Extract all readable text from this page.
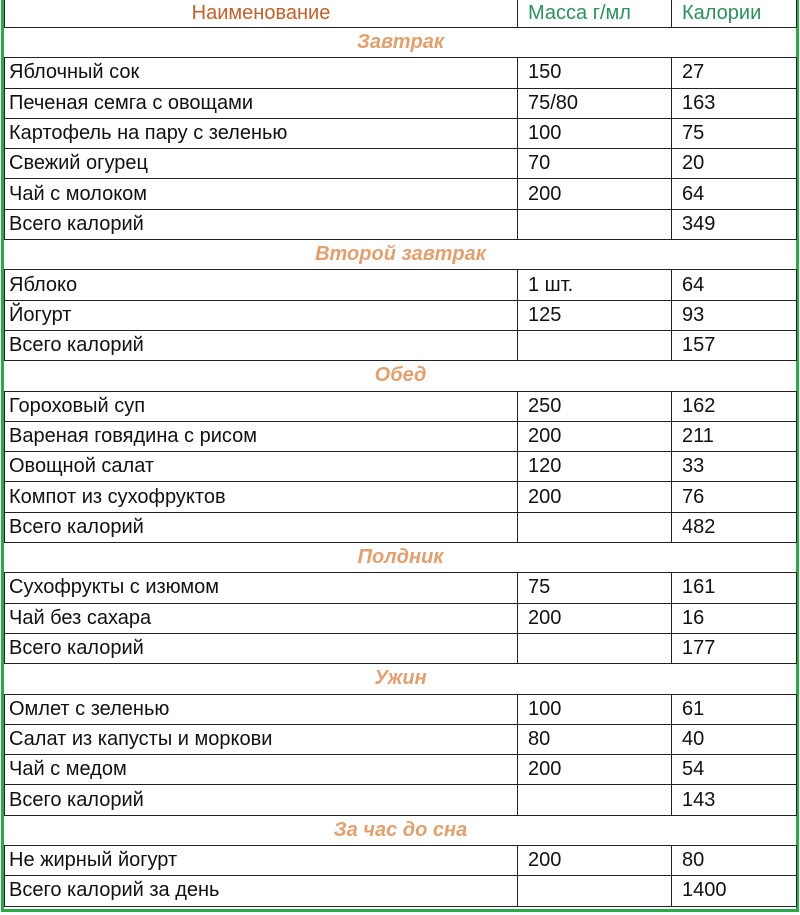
Наименование	Масса г/мл	Калории
Завтрак		
Яблочный сок	150	27
Печеная семга с овощами	75/80	163
Картофель на пару с зеленью	100	75
Свежий огурец	70	20
Чай с молоком	200	64
Всего калорий		349
Второй завтрак		
Яблоко	1 шт.	64
Йогурт	125	93
Всего калорий		157
Обед		
Гороховый суп	250	162
Вареная говядина с рисом	200	211
Овощной салат	120	33
Компот из сухофруктов	200	76
Всего калорий		482
Полдник		
Сухофрукты с изюмом	75	161
Чай без сахара	200	16
Всего калорий		177
Ужин		
Омлет с зеленью	100	61
Салат из капусты и моркови	80	40
Чай с медом	200	54
Всего калорий		143
За час до сна		
Не жирный йогурт	200	80
Всего калорий за день		1400
